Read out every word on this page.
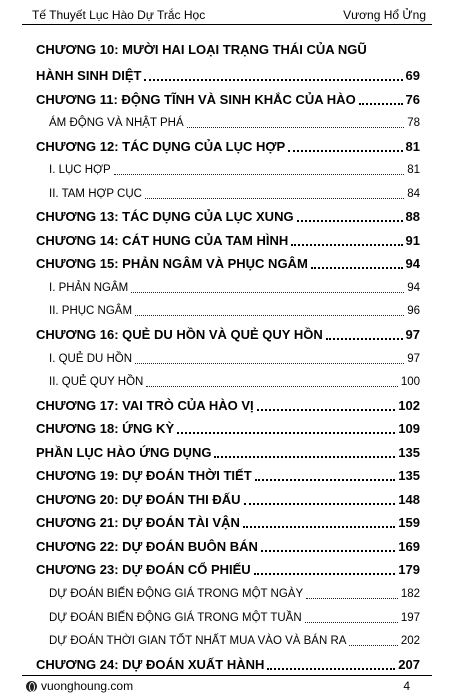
Tế Thuyết Lục Hào Dự Trắc Học	Vương Hổ Ửng
CHƯƠNG 10: MƯỜI HAI LOẠI TRẠNG THÁI CỦA NGŨ
HÀNH SINH DIỆT	69
CHƯƠNG 11: ĐỘNG TĨNH VÀ SINH KHẮC CỦA HÀO	76
ÁM ĐỘNG VÀ NHẬT PHÁ	78
CHƯƠNG 12: TÁC DỤNG CỦA LỤC HỢP	81
I. LỤC HỢP	81
II. TAM HỢP CỤC	84
CHƯƠNG 13: TÁC DỤNG CỦA LỤC XUNG	88
CHƯƠNG 14: CÁT HUNG CỦA TAM HÌNH	91
CHƯƠNG 15: PHẢN NGÂM VÀ PHỤC NGÂM	94
I. PHẢN NGÂM	94
II. PHỤC NGÂM	96
CHƯƠNG 16: QUẺ DU HỒN VÀ QUẺ QUY HỒN	97
I. QUẺ DU HỒN	97
II. QUẺ QUY HỒN	100
CHƯƠNG 17: VAI TRÒ CỦA HÀO VỊ	102
CHƯƠNG 18: ỨNG KỲ	109
PHẦN LỤC HÀO ỨNG DỤNG	135
CHƯƠNG 19: DỰ ĐOÁN THỜI TIẾT	135
CHƯƠNG 20: DỰ ĐOÁN THI ĐẤU	148
CHƯƠNG 21: DỰ ĐOÁN TÀI VẬN	159
CHƯƠNG 22: DỰ ĐOÁN BUÔN BÁN	169
CHƯƠNG 23: DỰ ĐOÁN CỔ PHIẾU	179
DỰ ĐOÁN BIẾN ĐỘNG GIÁ TRONG MỘT NGÀY	182
DỰ ĐOÁN BIẾN ĐỘNG GIÁ TRONG MỘT TUẦN	197
DỰ ĐOÁN THỜI GIAN TỐT NHẤT MUA VÀO VÀ BÁN RA	202
CHƯƠNG 24: DỰ ĐOÁN XUẤT HÀNH	207
vuonghoung.com	4
